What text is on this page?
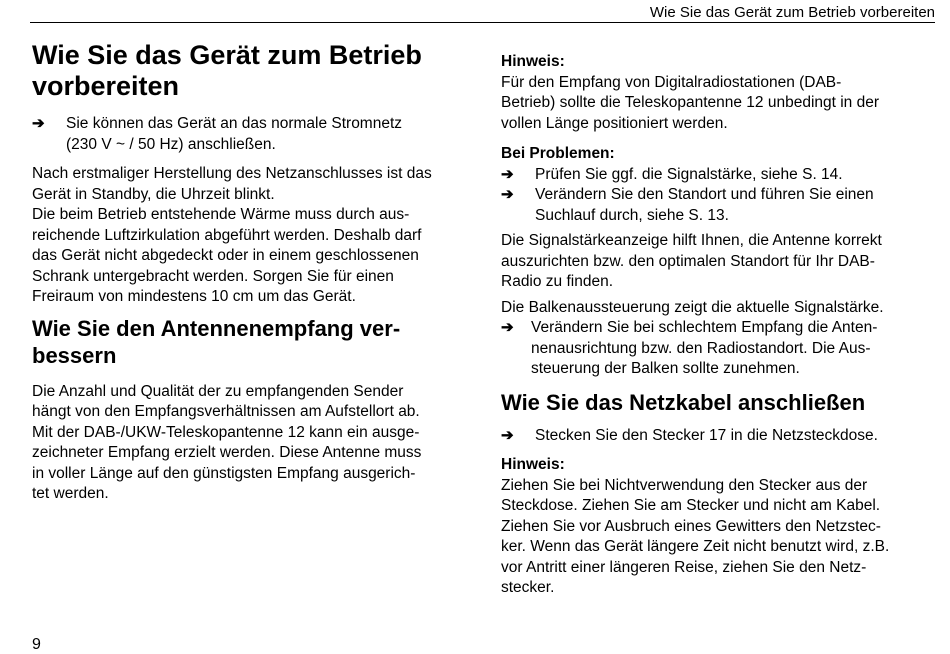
Wie Sie das Gerät zum Betrieb vorbereiten
Wie Sie das Gerät zum Betrieb
vorbereiten
➔	Sie können das Gerät an das normale Stromnetz
(230 V ~ / 50 Hz) anschließen.

Nach erstmaliger Herstellung des Netzanschlusses ist das
Gerät in Standby, die Uhrzeit blinkt.

Die beim Betrieb entstehende Wärme muss durch aus-
reichende Luftzirkulation abgeführt werden. Deshalb darf
das Gerät nicht abgedeckt oder in einem geschlossenen
Schrank untergebracht werden. Sorgen Sie für einen
Freiraum von mindestens 10 cm um das Gerät.

Wie Sie den Antennenempfang ver-
bessern

Die Anzahl und Qualität der zu empfangenden Sender
hängt von den Empfangsverhältnissen am Aufstellort ab.
Mit der DAB-/UKW-Teleskopantenne 12 kann ein ausge-
zeichneter Empfang erzielt werden. Diese Antenne muss
in voller Länge auf den günstigsten Empfang ausgerich-
tet werden.

Hinweis:

Für den Empfang von Digitalradiostationen (DAB-
Betrieb) sollte die Teleskopantenne 12 unbedingt in der
vollen Länge positioniert werden.

Bei Problemen:
➔	Prüfen Sie ggf. die Signalstärke, siehe S. 14.
➔	Verändern Sie den Standort und führen Sie einen
Suchlauf durch, siehe S. 13.

Die Signalstärkeanzeige hilft Ihnen, die Antenne korrekt
auszurichten bzw. den optimalen Standort für Ihr DAB-
Radio zu finden.

Die Balkenaussteuerung zeigt die aktuelle Signalstärke.

➔	Verändern Sie bei schlechtem Empfang die Anten-
nenausrichtung bzw. den Radiostandort. Die Aus-
steuerung der Balken sollte zunehmen.
Wie Sie das Netzkabel anschließen
➔	Stecken Sie den Stecker 17 in die Netzsteckdose.
Hinweis:

Ziehen Sie bei Nichtverwendung den Stecker aus der
Steckdose. Ziehen Sie am Stecker und nicht am Kabel.
Ziehen Sie vor Ausbruch eines Gewitters den Netzstec-
ker. Wenn das Gerät längere Zeit nicht benutzt wird, z.B.
vor Antritt einer längeren Reise, ziehen Sie den Netz-
stecker.

9
